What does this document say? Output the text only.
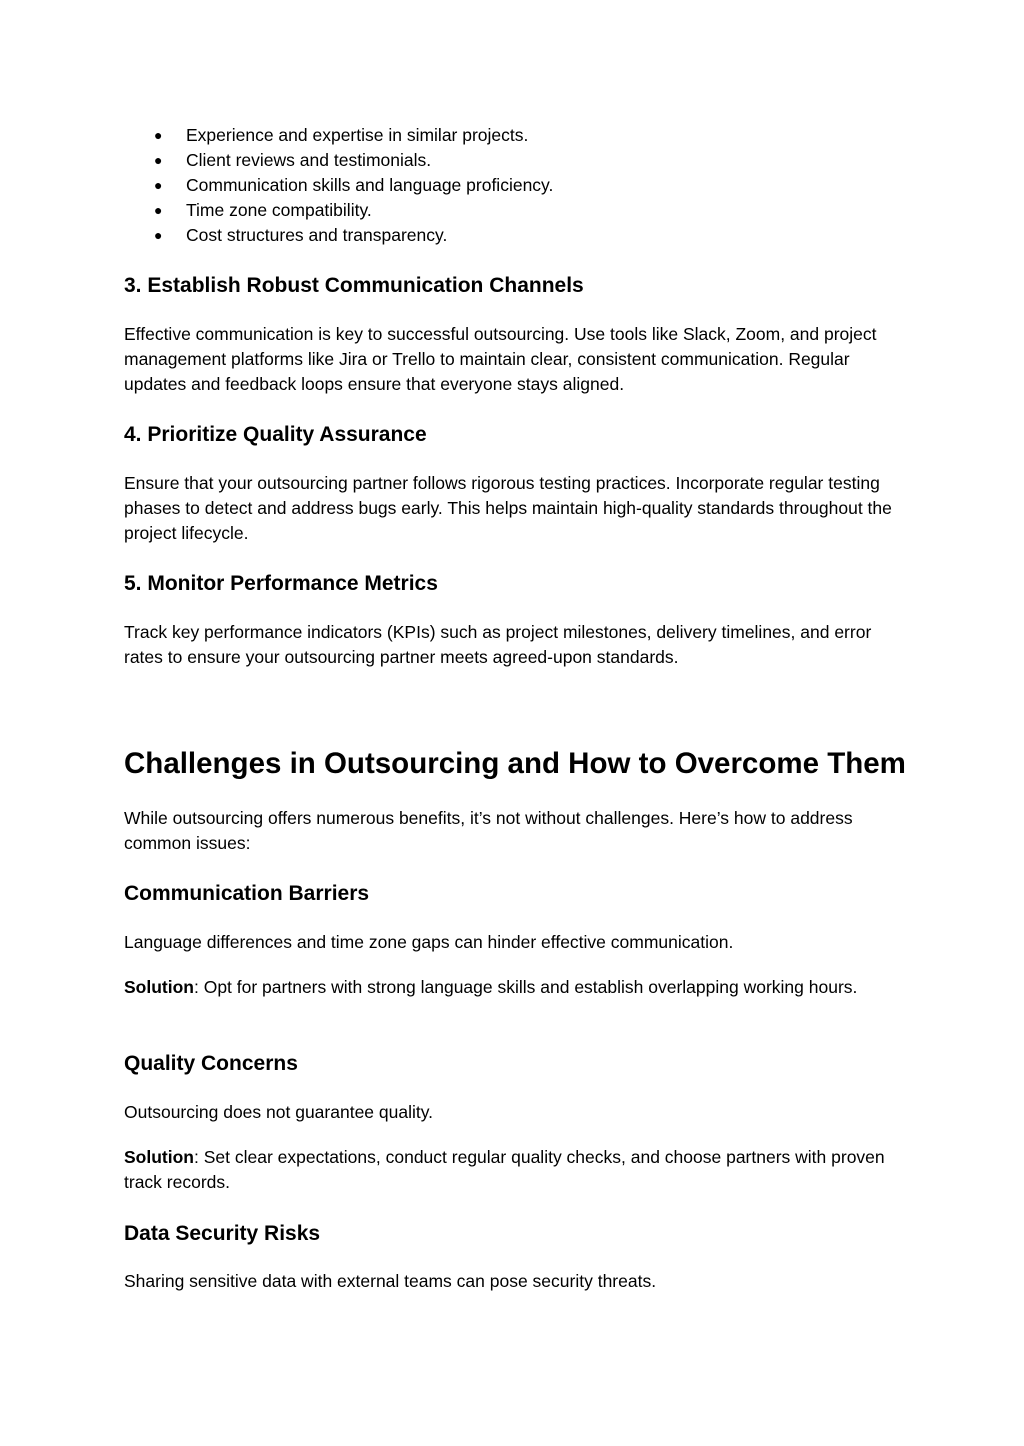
● Experience and expertise in similar projects.
● Client reviews and testimonials.
● Communication skills and language proficiency.
● Time zone compatibility.
● Cost structures and transparency.
3. Establish Robust Communication Channels

Effective communication is key to successful outsourcing. Use tools like Slack, Zoom, and project management platforms like Jira or Trello to maintain clear, consistent communication. Regular updates and feedback loops ensure that everyone stays aligned.

4. Prioritize Quality Assurance

Ensure that your outsourcing partner follows rigorous testing practices. Incorporate regular testing phases to detect and address bugs early. This helps maintain high-quality standards throughout the project lifecycle.

5. Monitor Performance Metrics

Track key performance indicators (KPIs) such as project milestones, delivery timelines, and error rates to ensure your outsourcing partner meets agreed-upon standards.

Challenges in Outsourcing and How to Overcome Them

While outsourcing offers numerous benefits, it’s not without challenges. Here’s how to address common issues:

Communication Barriers

Language differences and time zone gaps can hinder effective communication.

Solution: Opt for partners with strong language skills and establish overlapping working hours.

Quality Concerns

Outsourcing does not guarantee quality.

Solution: Set clear expectations, conduct regular quality checks, and choose partners with proven track records.

Data Security Risks

Sharing sensitive data with external teams can pose security threats.
